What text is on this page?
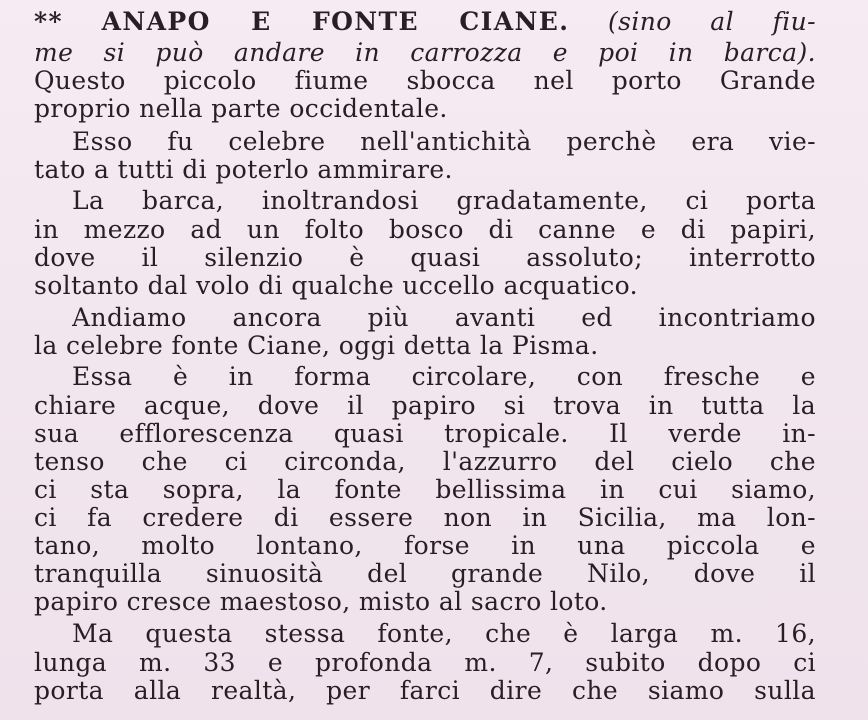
** ANAPO E FONTE CIANE. (sino al fiu-
me si può andare in carrozza e poi in barca).
Questo piccolo fiume sbocca nel porto Grande
proprio nella parte occidentale.
Esso fu celebre nell'antichità perchè era vie-
tato a tutti di poterlo ammirare.
La barca, inoltrandosi gradatamente, ci porta
in mezzo ad un folto bosco di canne e di papiri,
dove il silenzio è quasi assoluto; interrotto
soltanto dal volo di qualche uccello acquatico.
Andiamo ancora più avanti ed incontriamo
la celebre fonte Ciane, oggi detta la Pisma.
Essa è in forma circolare, con fresche e
chiare acque, dove il papiro si trova in tutta la
sua efflorescenza quasi tropicale. Il verde in-
tenso che ci circonda, l'azzurro del cielo che
ci sta sopra, la fonte bellissima in cui siamo,
ci fa credere di essere non in Sicilia, ma lon-
tano, molto lontano, forse in una piccola e
tranquilla sinuosità del grande Nilo, dove il
papiro cresce maestoso, misto al sacro loto.
Ma questa stessa fonte, che è larga m. 16,
lunga m. 33 e profonda m. 7, subito dopo ci
porta alla realtà, per farci dire che siamo sulla
